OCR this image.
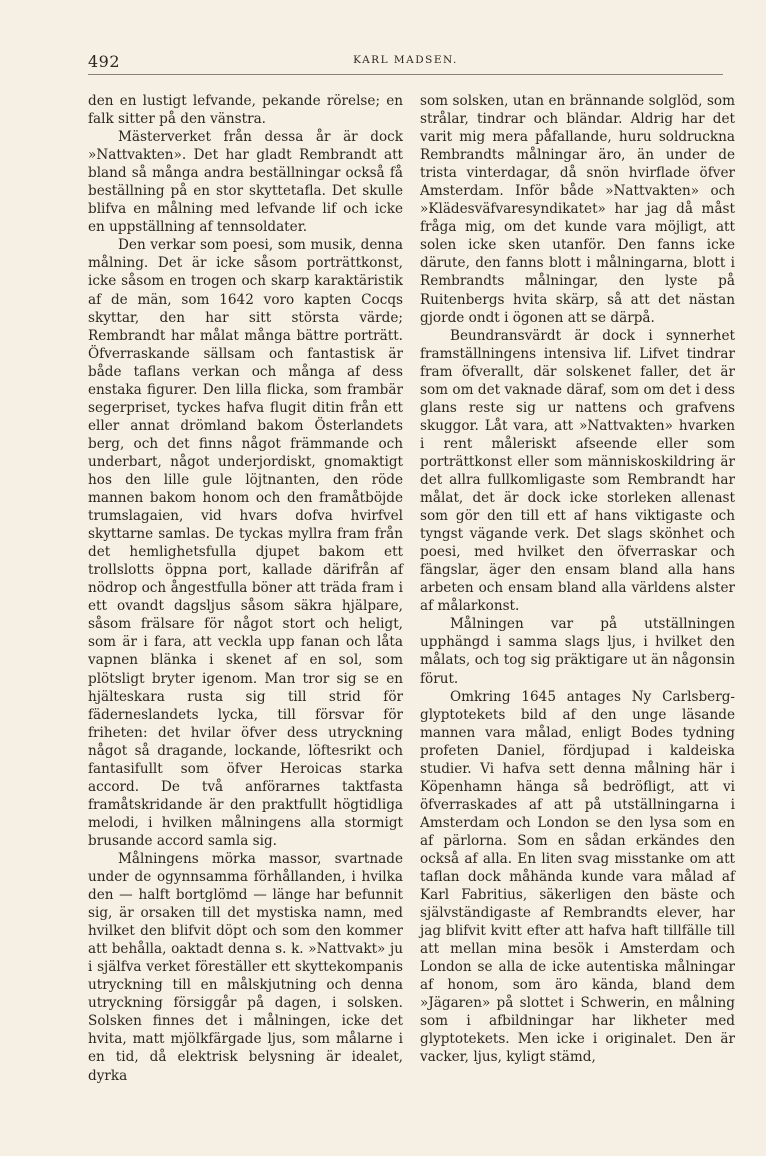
492	KARL MADSEN.

den en lustigt lefvande, pekande rörelse; en falk sitter på den vänstra.

Mästerverket från dessa år är dock »Nattvakten». Det har gladt Rembrandt att bland så många andra beställningar också få beställning på en stor skyttetafla. Det skulle blifva en målning med lefvande lif och icke en uppställning af tennsoldater.

Den verkar som poesi, som musik, denna målning. Det är icke såsom porträttkonst, icke såsom en trogen och skarp karaktäristik af de män, som 1642 voro kapten Cocqs skyttar, den har sitt största värde; Rembrandt har målat många bättre porträtt. Öfverraskande sällsam och fantastisk är både taflans verkan och många af dess enstaka figurer. Den lilla flicka, som frambär segerpriset, tyckes hafva flugit ditin från ett eller annat drömland bakom Österlandets berg, och det finns något främmande och underbart, något underjordiskt, gnomaktigt hos den lille gule löjtnanten, den röde mannen bakom honom och den framåtböjde trumslagaien, vid hvars dofva hvirfvel skyttarne samlas. De tyckas myllra fram från det hemlighetsfulla djupet bakom ett trollslotts öppna port, kallade därifrån af nödrop och ångestfulla böner att träda fram i ett ovandt dagsljus såsom säkra hjälpare, såsom frälsare för något stort och heligt, som är i fara, att veckla upp fanan och låta vapnen blänka i skenet af en sol, som plötsligt bryter igenom. Man tror sig se en hjälteskara rusta sig till strid för fäderneslandets lycka, till försvar för friheten: det hvilar öfver dess utryckning något så dragande, lockande, löftesrikt och fantasifullt som öfver Heroicas starka accord. De två anförarnes taktfasta framåtskridande är den praktfullt högtidliga melodi, i hvilken målningens alla stormigt brusande accord samla sig.

Målningens mörka massor, svartnade under de ogynnsamma förhållanden, i hvilka den — halft bortglömd — länge har befunnit sig, är orsaken till det mystiska namn, med hvilket den blifvit döpt och som den kommer att behålla, oaktadt denna s. k. »Nattvakt» ju i själfva verket föreställer ett skyttekompanis utryckning till en målskjutning och denna utryckning försiggår på dagen, i solsken. Solsken finnes det i målningen, icke det hvita, matt mjölkfärgade ljus, som målarne i en tid, då elektrisk belysning är idealet, dyrka

som solsken, utan en brännande solglöd, som strålar, tindrar och bländar. Aldrig har det varit mig mera påfallande, huru soldruckna Rembrandts målningar äro, än under de trista vinterdagar, då snön hvirflade öfver Amsterdam. Inför både »Nattvakten» och »Klädesväfvaresyndikatet» har jag då måst fråga mig, om det kunde vara möjligt, att solen icke sken utanför. Den fanns icke därute, den fanns blott i målningarna, blott i Rembrandts målningar, den lyste på Ruitenbergs hvita skärp, så att det nästan gjorde ondt i ögonen att se därpå.

Beundransvärdt är dock i synnerhet framställningens intensiva lif. Lifvet tindrar fram öfverallt, där solskenet faller, det är som om det vaknade däraf, som om det i dess glans reste sig ur nattens och grafvens skuggor. Låt vara, att »Nattvakten» hvarken i rent måleriskt afseende eller som porträttkonst eller som människoskildring är det allra fullkomligaste som Rembrandt har målat, det är dock icke storleken allenast som gör den till ett af hans viktigaste och tyngst vägande verk. Det slags skönhet och poesi, med hvilket den öfverraskar och fängslar, äger den ensam bland alla hans arbeten och ensam bland alla världens alster af målarkonst.

Målningen var på utställningen upphängd i samma slags ljus, i hvilket den målats, och tog sig präktigare ut än någonsin förut.

Omkring 1645 antages Ny Carlsberg-glyptotekets bild af den unge läsande mannen vara målad, enligt Bodes tydning profeten Daniel, fördjupad i kaldeiska studier. Vi hafva sett denna målning här i Köpenhamn hänga så bedröfligt, att vi öfverraskades af att på utställningarna i Amsterdam och London se den lysa som en af pärlorna. Som en sådan erkändes den också af alla. En liten svag misstanke om att taflan dock måhända kunde vara målad af Karl Fabritius, säkerligen den bäste och självständigaste af Rembrandts elever, har jag blifvit kvitt efter att hafva haft tillfälle till att mellan mina besök i Amsterdam och London se alla de icke autentiska målningar af honom, som äro kända, bland dem »Jägaren» på slottet i Schwerin, en målning som i afbildningar har likheter med glyptotekets. Men icke i originalet. Den är vacker, ljus, kyligt stämd,
